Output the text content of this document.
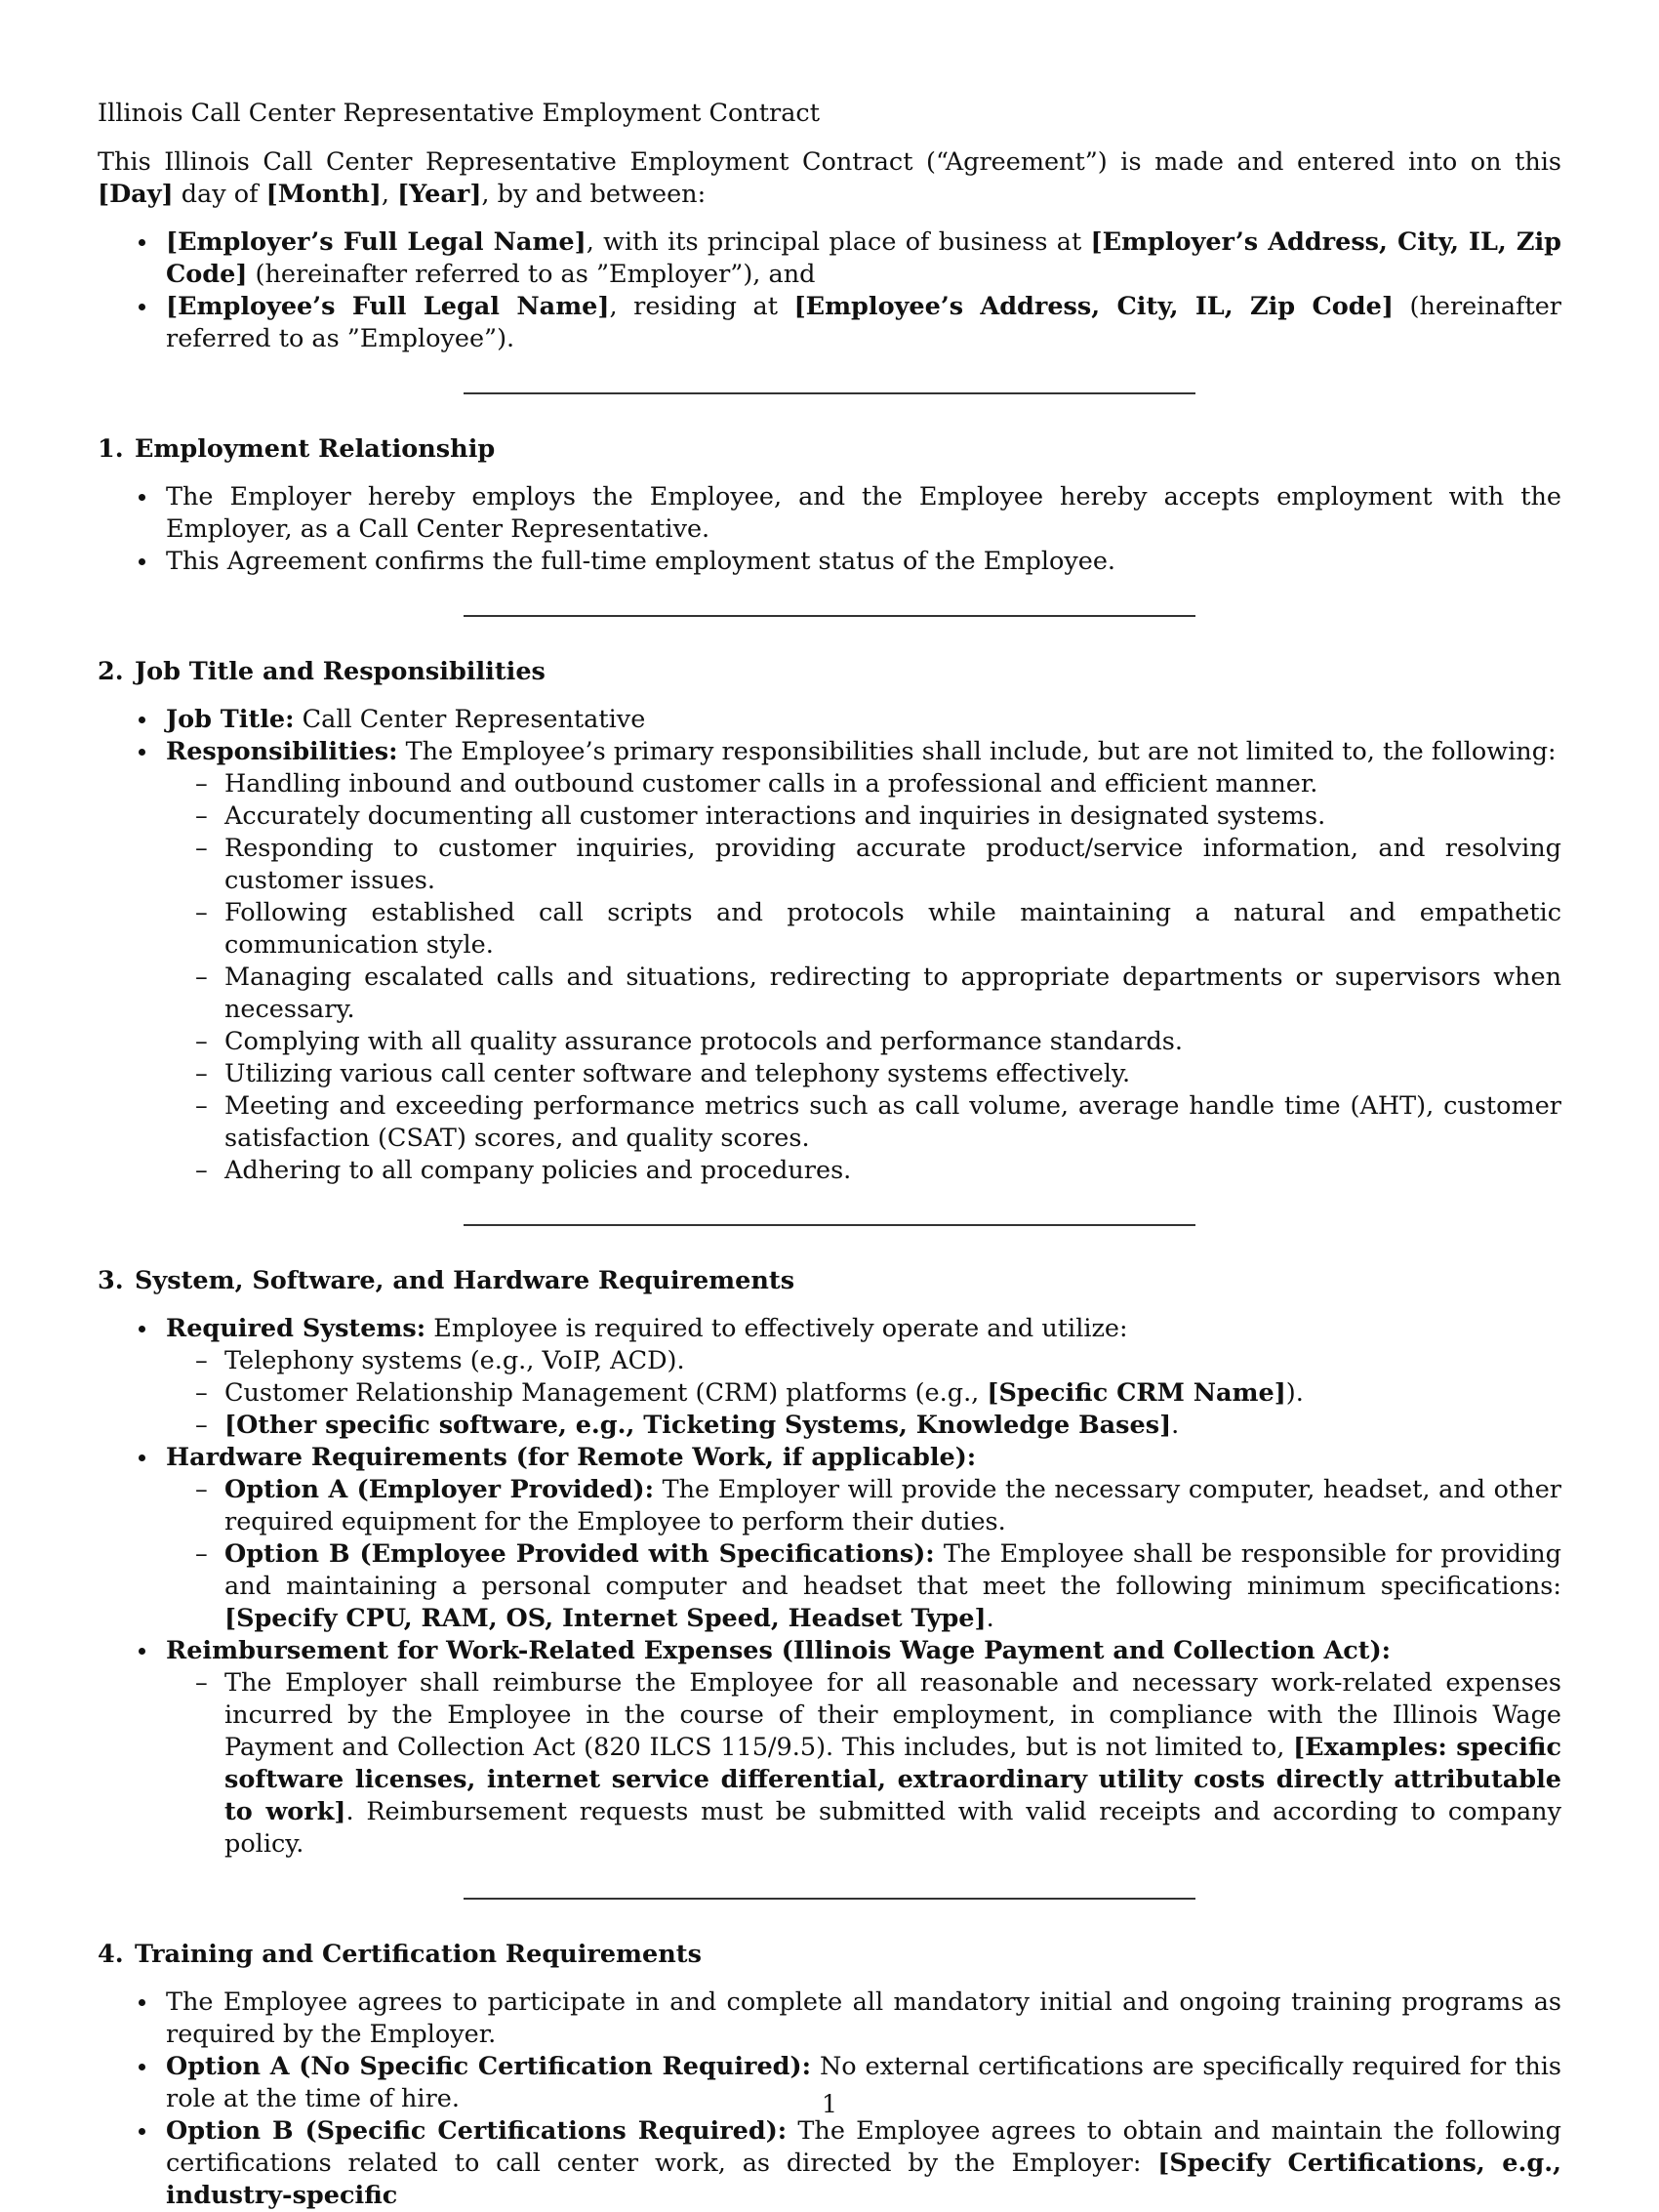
Illinois Call Center Representative Employment Contract

This Illinois Call Center Representative Employment Contract (“Agreement”) is made and entered into on this [Day] day of [Month], [Year], by and between:

[Employer’s Full Legal Name], with its principal place of business at [Employer’s Address, City, IL, Zip Code] (hereinafter referred to as ”Employer”), and
[Employee’s Full Legal Name], residing at [Employee’s Address, City, IL, Zip Code] (hereinafter referred to as ”Employee”).

1. Employment Relationship

The Employer hereby employs the Employee, and the Employee hereby accepts employment with the Employer, as a Call Center Representative.
This Agreement confirms the full-time employment status of the Employee.

2. Job Title and Responsibilities

Job Title: Call Center Representative
Responsibilities: The Employee’s primary responsibilities shall include, but are not limited to, the following:
– Handling inbound and outbound customer calls in a professional and efficient manner.
– Accurately documenting all customer interactions and inquiries in designated systems.
– Responding to customer inquiries, providing accurate product/service information, and resolving customer issues.
– Following established call scripts and protocols while maintaining a natural and empathetic communication style.
– Managing escalated calls and situations, redirecting to appropriate departments or supervisors when necessary.
– Complying with all quality assurance protocols and performance standards.
– Utilizing various call center software and telephony systems effectively.
– Meeting and exceeding performance metrics such as call volume, average handle time (AHT), customer satisfaction (CSAT) scores, and quality scores.
– Adhering to all company policies and procedures.

3. System, Software, and Hardware Requirements

Required Systems: Employee is required to effectively operate and utilize:
– Telephony systems (e.g., VoIP, ACD).
– Customer Relationship Management (CRM) platforms (e.g., [Specific CRM Name]).
– [Other specific software, e.g., Ticketing Systems, Knowledge Bases].
Hardware Requirements (for Remote Work, if applicable):
– Option A (Employer Provided): The Employer will provide the necessary computer, headset, and other required equipment for the Employee to perform their duties.
– Option B (Employee Provided with Specifications): The Employee shall be responsible for providing and maintaining a personal computer and headset that meet the following minimum specifications: [Specify CPU, RAM, OS, Internet Speed, Headset Type].
Reimbursement for Work-Related Expenses (Illinois Wage Payment and Collection Act):
– The Employer shall reimburse the Employee for all reasonable and necessary work-related expenses incurred by the Employee in the course of their employment, in compliance with the Illinois Wage Payment and Collection Act (820 ILCS 115/9.5). This includes, but is not limited to, [Examples: specific software licenses, internet service differential, extraordinary utility costs directly attributable to work]. Reimbursement requests must be submitted with valid receipts and according to company policy.

4. Training and Certification Requirements

The Employee agrees to participate in and complete all mandatory initial and ongoing training programs as required by the Employer.
Option A (No Specific Certification Required): No external certifications are specifically required for this role at the time of hire.
Option B (Specific Certifications Required): The Employee agrees to obtain and maintain the following certifications related to call center work, as directed by the Employer: [Specify Certifications, e.g., industry-specific
1
